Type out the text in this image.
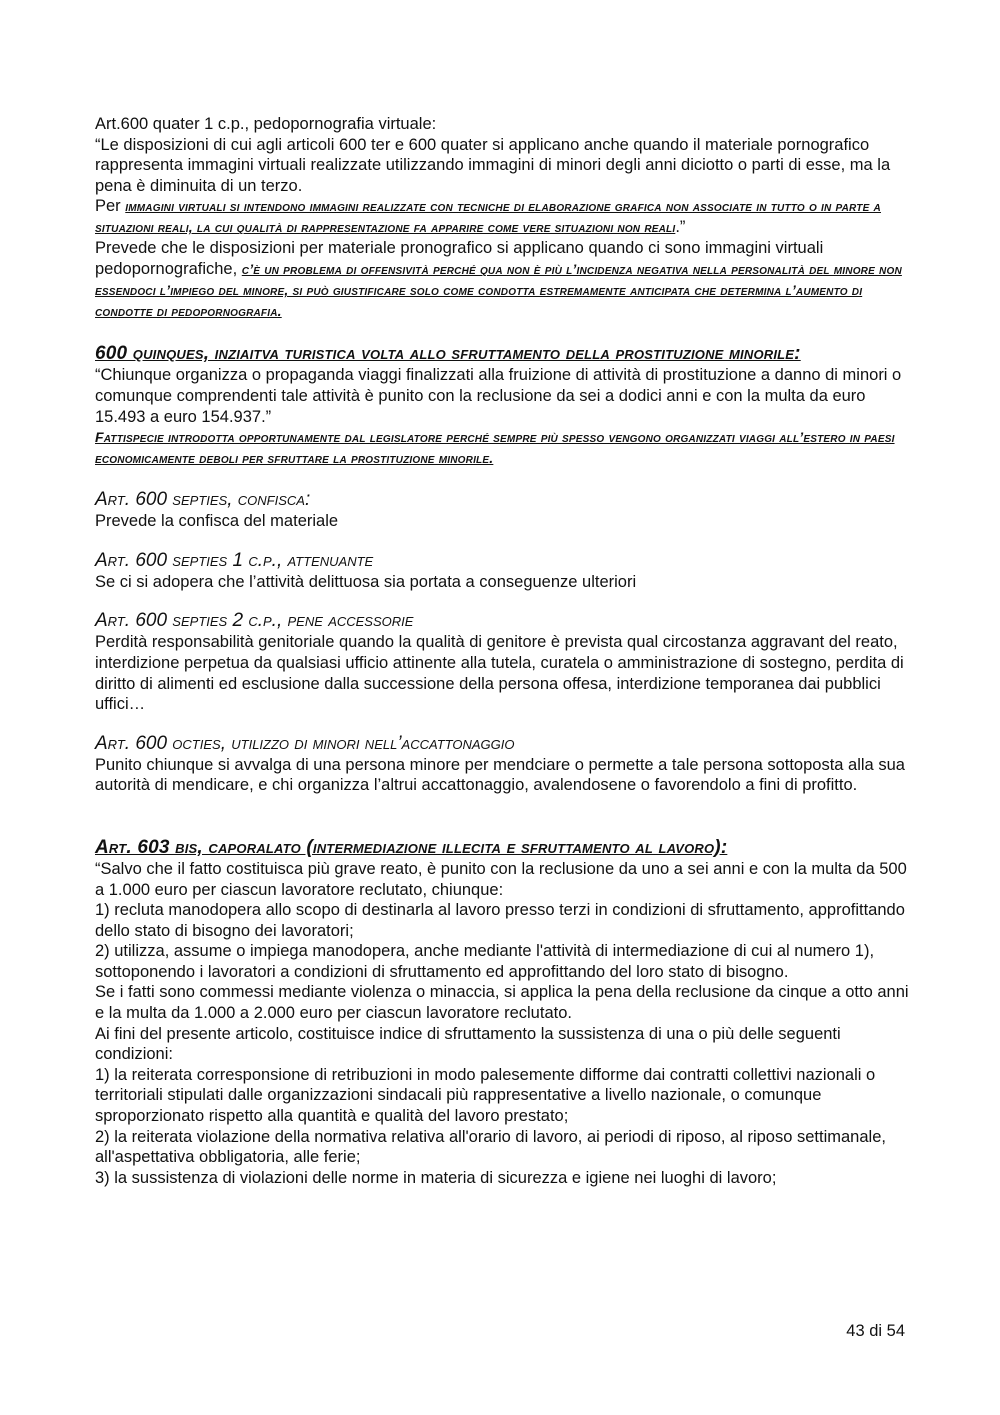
Art.600 quater 1 c.p., pedopornografia virtuale:

“Le disposizioni di cui agli articoli 600 ter e 600 quater si applicano anche quando il materiale pornografico rappresenta immagini virtuali realizzate utilizzando immagini di minori degli anni diciotto o parti di esse, ma la pena è diminuita di un terzo.

Per immagini virtuali si intendono immagini realizzate con tecniche di elaborazione grafica non associate in tutto o in parte a situazioni reali, la cui qualità di rappresentazione fa apparire come vere situazioni non reali.”

Prevede che le disposizioni per materiale pronografico si applicano quando ci sono immagini virtuali pedopornografiche, c’è un problema di offensività perché qua non è più l’incidenza negativa nella personalità del minore non essendoci l’impiego del minore, si può giustificare solo come condotta estremamente anticipata che determina l’aumento di condotte di pedopornografia.

600 quinques, inziaitva turistica volta allo sfruttamento della prostituzione minorile:

“Chiunque organizza o propaganda viaggi finalizzati alla fruizione di attività di prostituzione a danno di minori o comunque comprendenti tale attività è punito con la reclusione da sei a dodici anni e con la multa da euro 15.493 a euro 154.937.”

Fattispecie introdotta opportunamente dal legislatore perché sempre più spesso vengono organizzati viaggi all’estero in paesi economicamente deboli per sfruttare la prostituzione minorile.

Art. 600 septies, confisca:

Prevede la confisca del materiale

Art. 600 septies 1 c.p., attenuante

Se ci si adopera che l’attività delittuosa sia portata a conseguenze ulteriori

Art. 600 septies 2 c.p., pene accessorie

Perdità responsabilità genitoriale quando la qualità di genitore è prevista qual circostanza aggravant del reato, interdizione perpetua da qualsiasi ufficio attinente alla tutela, curatela o amministrazione di sostegno, perdita di diritto di alimenti ed esclusione dalla successione della persona offesa, interdizione temporanea dai pubblici uffici…

Art. 600 octies, utilizzo di minori nell’accattonaggio

Punito chiunque si avvalga di una persona minore per mendciare o permette a tale persona sottoposta alla sua autorità di mendicare, e chi organizza l’altrui accattonaggio, avalendosene o favorendolo a fini di profitto.

Art. 603 bis, caporalato (intermediazione illecita e sfruttamento al lavoro):

“Salvo che il fatto costituisca più grave reato, è punito con la reclusione da uno a sei anni e con la multa da 500 a 1.000 euro per ciascun lavoratore reclutato, chiunque:

1) recluta manodopera allo scopo di destinarla al lavoro presso terzi in condizioni di sfruttamento, approfittando dello stato di bisogno dei lavoratori;

2) utilizza, assume o impiega manodopera, anche mediante l'attività di intermediazione di cui al numero 1), sottoponendo i lavoratori a condizioni di sfruttamento ed approfittando del loro stato di bisogno.

Se i fatti sono commessi mediante violenza o minaccia, si applica la pena della reclusione da cinque a otto anni e la multa da 1.000 a 2.000 euro per ciascun lavoratore reclutato.

Ai fini del presente articolo, costituisce indice di sfruttamento la sussistenza di una o più delle seguenti condizioni:

1) la reiterata corresponsione di retribuzioni in modo palesemente difforme dai contratti collettivi nazionali o territoriali stipulati dalle organizzazioni sindacali più rappresentative a livello nazionale, o comunque sproporzionato rispetto alla quantità e qualità del lavoro prestato;

2) la reiterata violazione della normativa relativa all'orario di lavoro, ai periodi di riposo, al riposo settimanale, all'aspettativa obbligatoria, alle ferie;

3) la sussistenza di violazioni delle norme in materia di sicurezza e igiene nei luoghi di lavoro;

43 di 54
